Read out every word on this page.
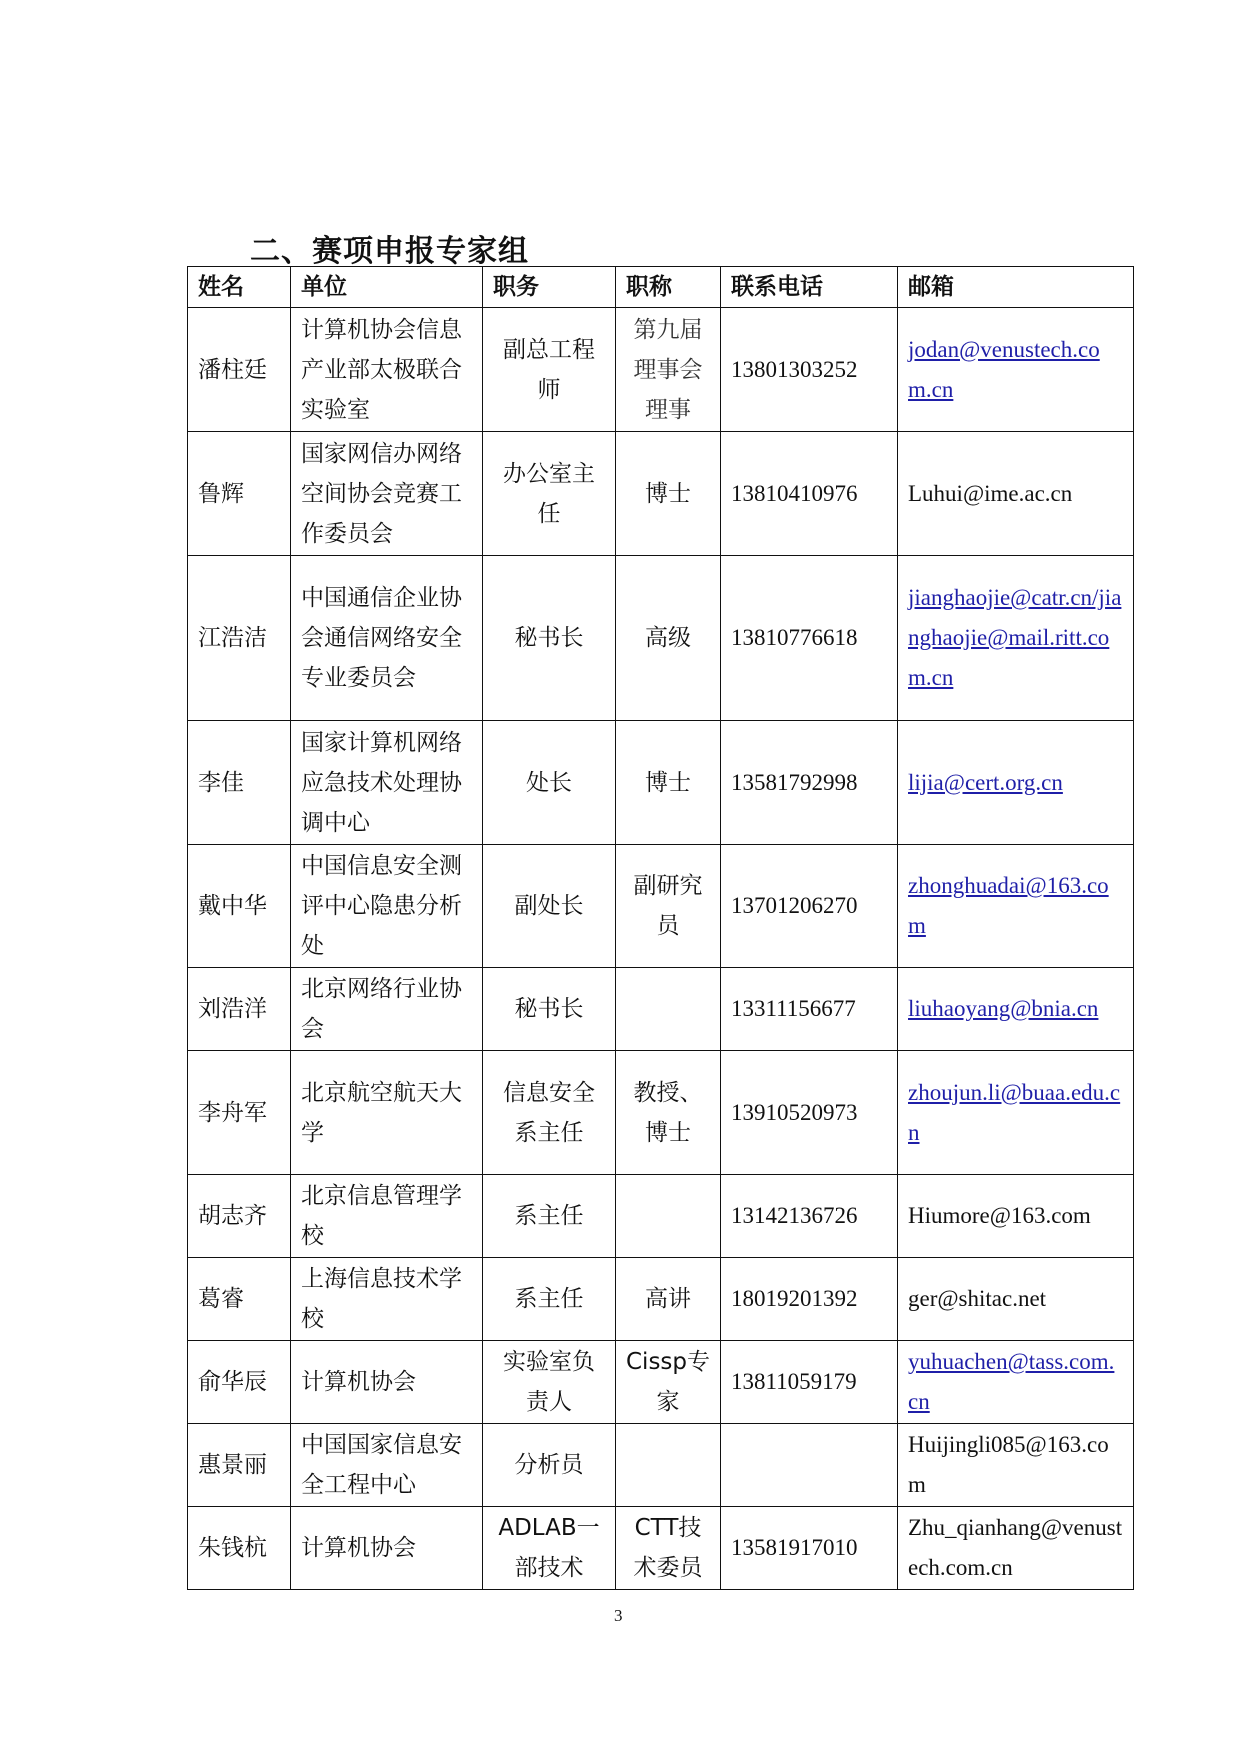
二、赛项申报专家组
姓名	单位	职务	职称	联系电话	邮箱
潘柱廷	计算机协会信息产业部太极联合实验室	副总工程师	第九届理事会理事	13801303252	jodan@venustech.com.cn
鲁辉	国家网信办网络空间协会竞赛工作委员会	办公室主任	博士	13810410976	Luhui@ime.ac.cn
江浩洁	中国通信企业协会通信网络安全专业委员会	秘书长	高级	13810776618	jianghaojie@catr.cn/jianghaojie@mail.ritt.com.cn
李佳	国家计算机网络应急技术处理协调中心	处长	博士	13581792998	lijia@cert.org.cn
戴中华	中国信息安全测评中心隐患分析处	副处长	副研究员	13701206270	zhonghuadai@163.com
刘浩洋	北京网络行业协会	秘书长		13311156677	liuhaoyang@bnia.cn
李舟军	北京航空航天大学	信息安全系主任	教授、博士	13910520973	zhoujun.li@buaa.edu.cn
胡志齐	北京信息管理学校	系主任		13142136726	Hiumore@163.com
葛睿	上海信息技术学校	系主任	高讲	18019201392	ger@shitac.net
俞华辰	计算机协会	实验室负责人	Cissp专家	13811059179	yuhuachen@tass.com.cn
惠景丽	中国国家信息安全工程中心	分析员			Huijingli085@163.com
朱钱杭	计算机协会	ADLAB一部技术	CTT技术委员	13581917010	Zhu_qianhang@venustech.com.cn
3
